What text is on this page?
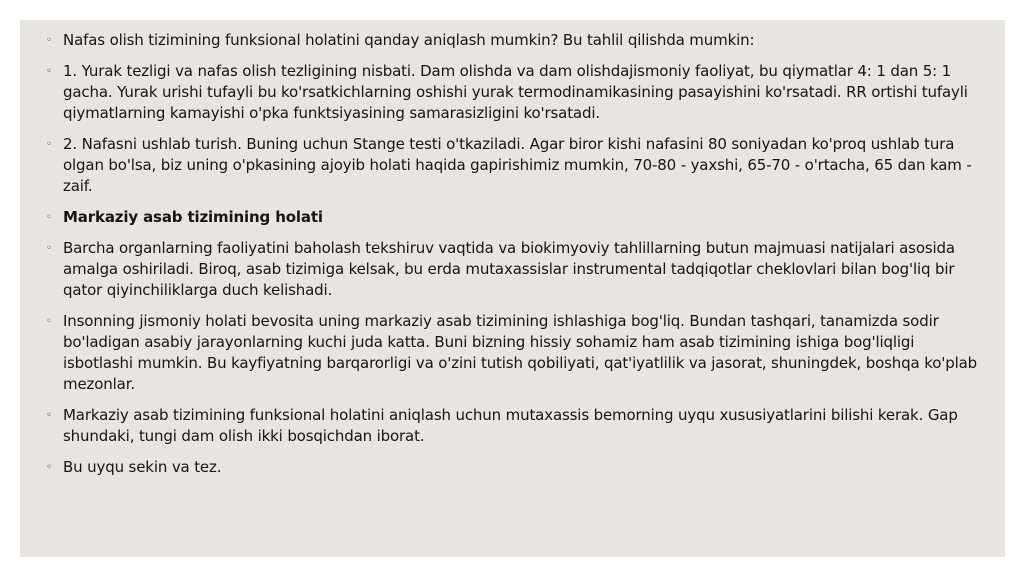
◦ Nafas olish tizimining funksional holatini qanday aniqlash mumkin? Bu tahlil qilishda mumkin:
◦ 1. Yurak tezligi va nafas olish tezligining nisbati. Dam olishda va dam olishdajismoniy faoliyat, bu qiymatlar 4: 1 dan 5: 1 gacha. Yurak urishi tufayli bu ko'rsatkichlarning oshishi yurak termodinamikasining pasayishini ko'rsatadi. RR ortishi tufayli qiymatlarning kamayishi o'pka funktsiyasining samarasizligini ko'rsatadi.
◦ 2. Nafasni ushlab turish. Buning uchun Stange testi o'tkaziladi. Agar biror kishi nafasini 80 soniyadan ko'proq ushlab tura olgan bo'lsa, biz uning o'pkasining ajoyib holati haqida gapirishimiz mumkin, 70-80 - yaxshi, 65-70 - o'rtacha, 65 dan kam - zaif.
◦ Markaziy asab tizimining holati
◦ Barcha organlarning faoliyatini baholash tekshiruv vaqtida va biokimyoviy tahlillarning butun majmuasi natijalari asosida amalga oshiriladi. Biroq, asab tizimiga kelsak, bu erda mutaxassislar instrumental tadqiqotlar cheklovlari bilan bog'liq bir qator qiyinchiliklarga duch kelishadi.
◦ Insonning jismoniy holati bevosita uning markaziy asab tizimining ishlashiga bog'liq. Bundan tashqari, tanamizda sodir bo'ladigan asabiy jarayonlarning kuchi juda katta. Buni bizning hissiy sohamiz ham asab tizimining ishiga bog'liqligi isbotlashi mumkin. Bu kayfiyatning barqarorligi va o'zini tutish qobiliyati, qat'iyatlilik va jasorat, shuningdek, boshqa ko'plab mezonlar.
◦ Markaziy asab tizimining funksional holatini aniqlash uchun mutaxassis bemorning uyqu xususiyatlarini bilishi kerak. Gap shundaki, tungi dam olish ikki bosqichdan iborat.
◦ Bu uyqu sekin va tez.
